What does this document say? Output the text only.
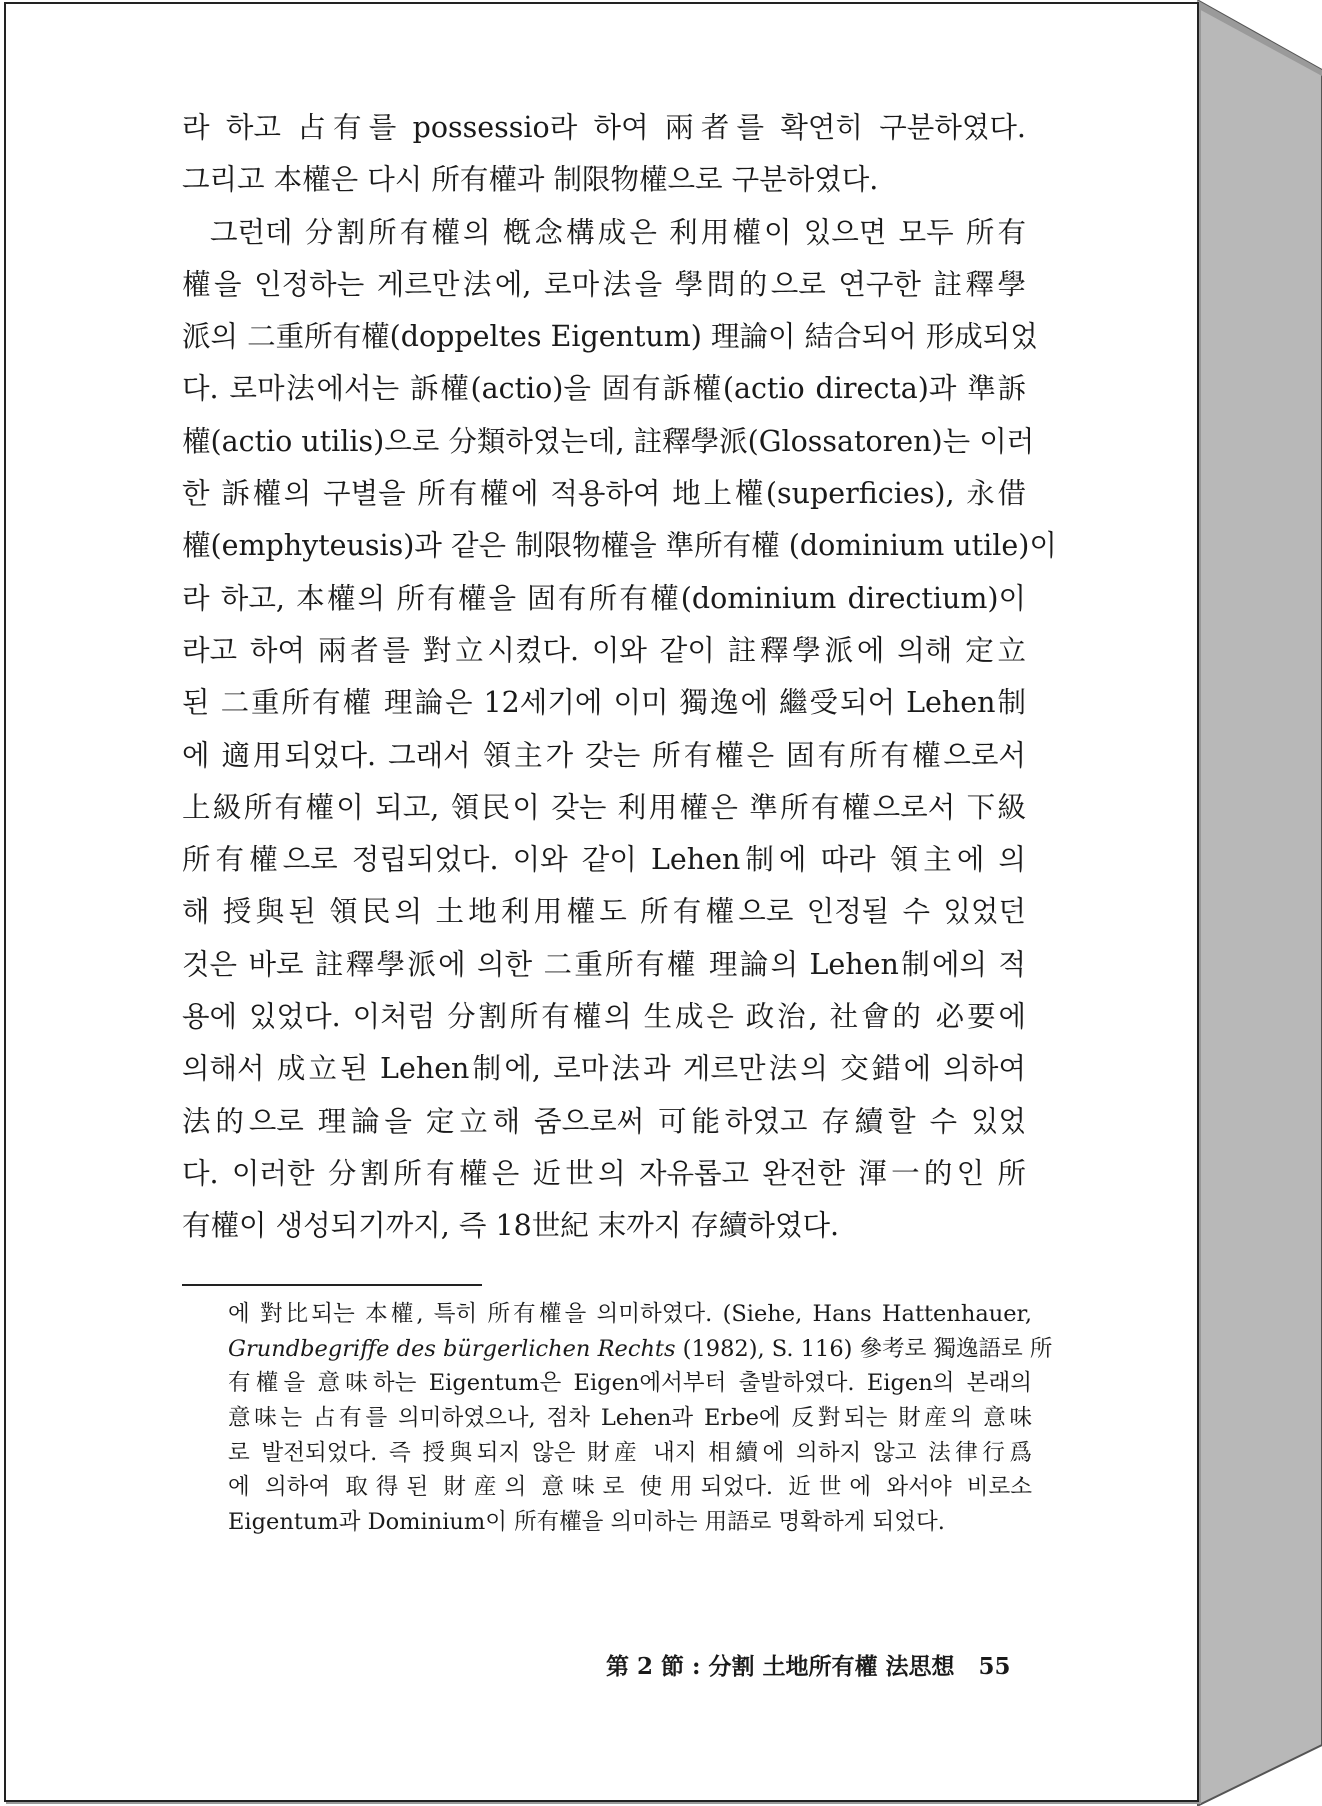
라 하고 占有를 possessio라 하여 兩者를 확연히 구분하였다.
그리고 本權은 다시 所有權과 制限物權으로 구분하였다.
그런데 分割所有權의 槪念構成은 利用權이 있으면 모두 所有
權을 인정하는 게르만法에, 로마法을 學問的으로 연구한 註釋學
派의 二重所有權(doppeltes Eigentum) 理論이 結合되어 形成되었
다. 로마法에서는 訴權(actio)을 固有訴權(actio directa)과 準訴
權(actio utilis)으로 分類하였는데, 註釋學派(Glossatoren)는 이러
한 訴權의 구별을 所有權에 적용하여 地上權(superficies), 永借
權(emphyteusis)과 같은 制限物權을 準所有權 (dominium utile)이
라 하고, 本權의 所有權을 固有所有權(dominium directium)이
라고 하여 兩者를 對立시켰다. 이와 같이 註釋學派에 의해 定立
된 二重所有權 理論은 12세기에 이미 獨逸에 繼受되어 Lehen制
에 適用되었다. 그래서 領主가 갖는 所有權은 固有所有權으로서
上級所有權이 되고, 領民이 갖는 利用權은 準所有權으로서 下級
所有權으로 정립되었다. 이와 같이 Lehen制에 따라 領主에 의
해 授與된 領民의 土地利用權도 所有權으로 인정될 수 있었던
것은 바로 註釋學派에 의한 二重所有權 理論의 Lehen制에의 적
용에 있었다. 이처럼 分割所有權의 生成은 政治, 社會的 必要에
의해서 成立된 Lehen制에, 로마法과 게르만法의 交錯에 의하여
法的으로 理論을 定立해 줌으로써 可能하였고 存續할 수 있었
다. 이러한 分割所有權은 近世의 자유롭고 완전한 渾一的인 所
有權이 생성되기까지, 즉 18世紀 末까지 存續하였다.
에 對比되는 本權, 특히 所有權을 의미하였다. (Siehe, Hans Hattenhauer,
Grundbegriffe des bürgerlichen Rechts (1982), S. 116) 參考로 獨逸語로 所
有權을 意味하는 Eigentum은 Eigen에서부터 출발하였다. Eigen의 본래의
意味는 占有를 의미하였으나, 점차 Lehen과 Erbe에 反對되는 財産의 意味
로 발전되었다. 즉 授與되지 않은 財産 내지 相續에 의하지 않고 法律行爲
에 의하여 取得된 財産의 意味로 使用되었다. 近世에 와서야 비로소
Eigentum과 Dominium이 所有權을 의미하는 用語로 명확하게 되었다.
第 2 節 : 分割 土地所有權 法思想 55
